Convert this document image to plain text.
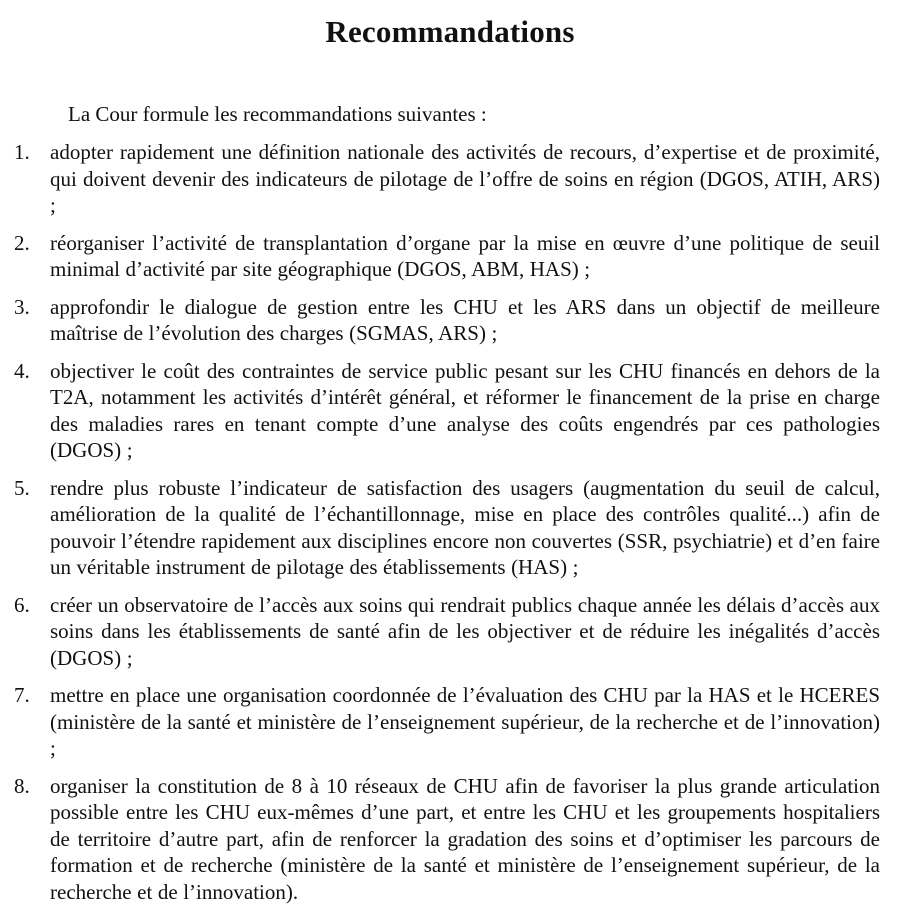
Recommandations

La Cour formule les recommandations suivantes :

1. adopter rapidement une définition nationale des activités de recours, d’expertise et de proximité, qui doivent devenir des indicateurs de pilotage de l’offre de soins en région (DGOS, ATIH, ARS) ;
2. réorganiser l’activité de transplantation d’organe par la mise en œuvre d’une politique de seuil minimal d’activité par site géographique (DGOS, ABM, HAS) ;
3. approfondir le dialogue de gestion entre les CHU et les ARS dans un objectif de meilleure maîtrise de l’évolution des charges (SGMAS, ARS) ;
4. objectiver le coût des contraintes de service public pesant sur les CHU financés en dehors de la T2A, notamment les activités d’intérêt général, et réformer le financement de la prise en charge des maladies rares en tenant compte d’une analyse des coûts engendrés par ces pathologies (DGOS) ;
5. rendre plus robuste l’indicateur de satisfaction des usagers (augmentation du seuil de calcul, amélioration de la qualité de l’échantillonnage, mise en place des contrôles qualité...) afin de pouvoir l’étendre rapidement aux disciplines encore non couvertes (SSR, psychiatrie) et d’en faire un véritable instrument de pilotage des établissements (HAS) ;
6. créer un observatoire de l’accès aux soins qui rendrait publics chaque année les délais d’accès aux soins dans les établissements de santé afin de les objectiver et de réduire les inégalités d’accès (DGOS) ;
7. mettre en place une organisation coordonnée de l’évaluation des CHU par la HAS et le HCERES (ministère de la santé et ministère de l’enseignement supérieur, de la recherche et de l’innovation) ;
8. organiser la constitution de 8 à 10 réseaux de CHU afin de favoriser la plus grande articulation possible entre les CHU eux-mêmes d’une part, et entre les CHU et les groupements hospitaliers de territoire d’autre part, afin de renforcer la gradation des soins et d’optimiser les parcours de formation et de recherche (ministère de la santé et ministère de l’enseignement supérieur, de la recherche et de l’innovation).
